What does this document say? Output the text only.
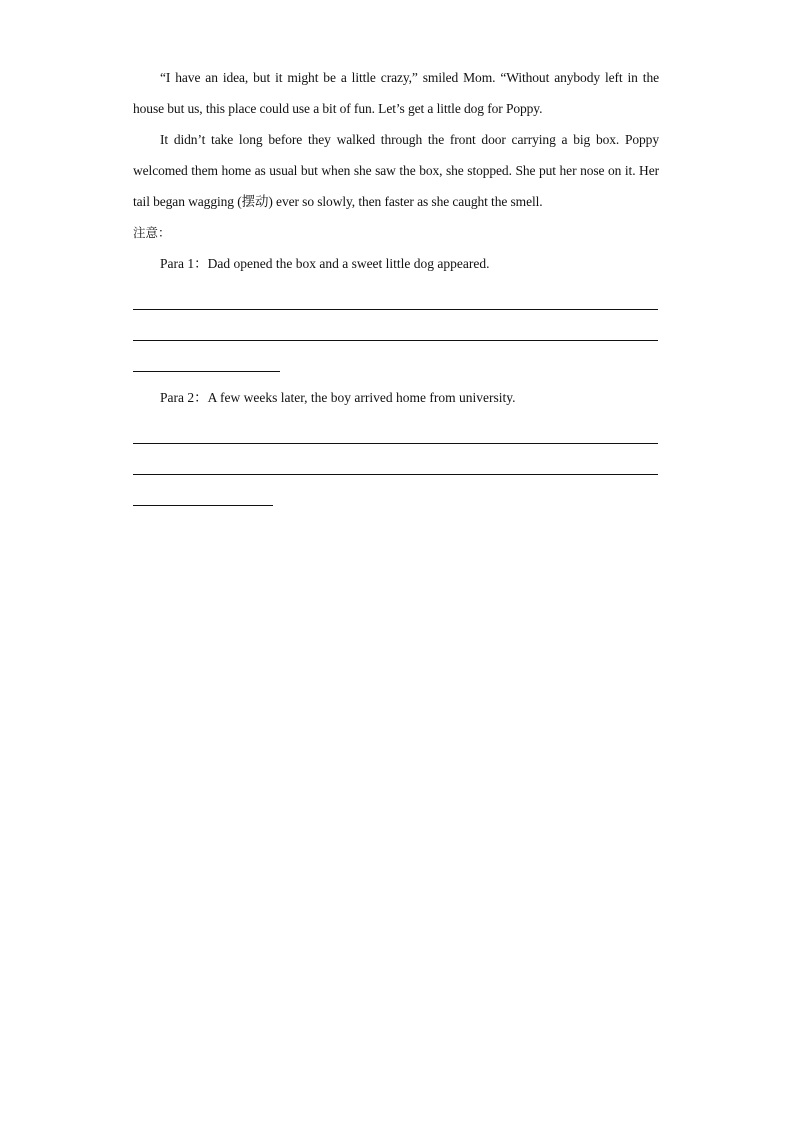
“I have an idea, but it might be a little crazy,” smiled Mom. “Without anybody left in the house but us, this place could use a bit of fun. Let’s get a little dog for Poppy.

It didn’t take long before they walked through the front door carrying a big box. Poppy welcomed them home as usual but when she saw the box, she stopped. She put her nose on it. Her tail began wagging (摆动) ever so slowly, then faster as she caught the smell.

注意：

Para 1：Dad opened the box and a sweet little dog appeared.

Para 2：A few weeks later, the boy arrived home from university.
